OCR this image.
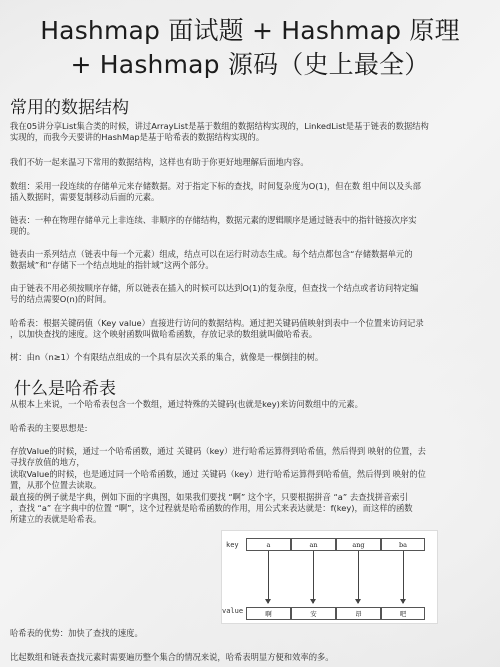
Hashmap 面试题 + Hashmap 原理
+ Hashmap 源码（史上最全）
常用的数据结构
我在05讲分享List集合类的时候，讲过ArrayList是基于数组的数据结构实现的，LinkedList是基于链表的数据结构
实现的，而我今天要讲的HashMap是基于哈希表的数据结构实现的。
我们不妨一起来温习下常用的数据结构，这样也有助于你更好地理解后面地内容。
数组：采用一段连续的存储单元来存储数据。对于指定下标的查找，时间复杂度为O(1)，但在数 组中间以及头部
插入数据时，需要复制移动后面的元素。
链表：一种在物理存储单元上非连续、非顺序的存储结构，数据元素的逻辑顺序是通过链表中的指针链接次序实
现的。
链表由一系列结点（链表中每一个元素）组成，结点可以在运行时动态生成。每个结点都包含“存储数据单元的
数据域”和“存储下一个结点地址的指针域”这两个部分。
由于链表不用必须按顺序存储，所以链表在插入的时候可以达到O(1)的复杂度，但查找一个结点或者访问特定编
号的结点需要O(n)的时间。
哈希表：根据关键码值（Key value）直接进行访问的数据结构。通过把关键码值映射到表中一个位置来访问记录
，以加快查找的速度。这个映射函数叫做哈希函数，存放记录的数组就叫做哈希表。
树：由n（n≥1）个有限结点组成的一个具有层次关系的集合，就像是一棵倒挂的树。
什么是哈希表
从根本上来说，一个哈希表包含一个数组，通过特殊的关键码(也就是key)来访问数组中的元素。
哈希表的主要思想是:
存放Value的时候，通过一个哈希函数，通过 关键码（key）进行哈希运算得到哈希值，然后得到 映射的位置，去
寻找存放值的地方，
读取Value的时候，也是通过同一个哈希函数，通过 关键码（key）进行哈希运算得到哈希值，然后得到 映射的位
置，从那个位置去读取。
最直接的例子就是字典，例如下面的字典图，如果我们要找 “啊” 这个字，只要根据拼音 “a” 去查找拼音索引
，查找 “a” 在字典中的位置 “啊”，这个过程就是哈希函数的作用，用公式来表达就是：f(key)，而这样的函数
所建立的表就是哈希表。
key
value
a	an	ang	ba
啊	安	昂	吧
哈希表的优势：加快了查找的速度。
比起数组和链表查找元素时需要遍历整个集合的情况来说，哈希表明显方便和效率的多。
